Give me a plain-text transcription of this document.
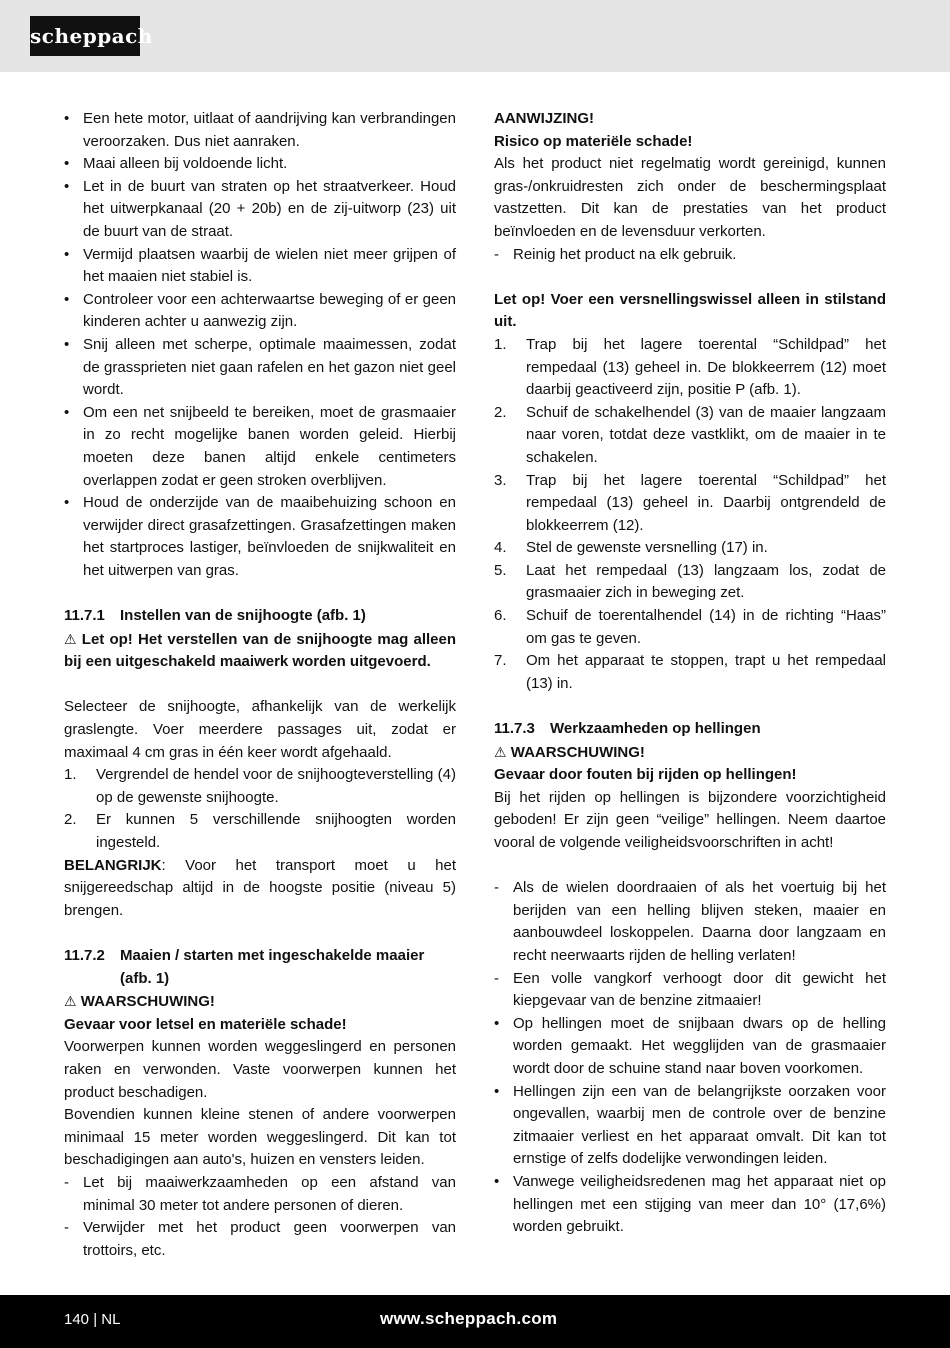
scheppach
• Een hete motor, uitlaat of aandrijving kan verbrandingen veroorzaken. Dus niet aanraken.
• Maai alleen bij voldoende licht.
• Let in de buurt van straten op het straatverkeer. Houd het uitwerpkanaal (20 + 20b) en de zij-uitworp (23) uit de buurt van de straat.
• Vermijd plaatsen waarbij de wielen niet meer grijpen of het maaien niet stabiel is.
• Controleer voor een achterwaartse beweging of er geen kinderen achter u aanwezig zijn.
• Snij alleen met scherpe, optimale maaimessen, zodat de grassprieten niet gaan rafelen en het gazon niet geel wordt.
• Om een net snijbeeld te bereiken, moet de grasmaaier in zo recht mogelijke banen worden geleid. Hierbij moeten deze banen altijd enkele centimeters overlappen zodat er geen stroken overblijven.
• Houd de onderzijde van de maaibehuizing schoon en verwijder direct grasafzettingen. Grasafzettingen maken het startproces lastiger, beïnvloeden de snijkwaliteit en het uitwerpen van gras.

11.7.1 Instellen van de snijhoogte (afb. 1)

⚠ Let op! Het verstellen van de snijhoogte mag alleen bij een uitgeschakeld maaiwerk worden uitgevoerd.

Selecteer de snijhoogte, afhankelijk van de werkelijk graslengte. Voer meerdere passages uit, zodat er maximaal 4 cm gras in één keer wordt afgehaald.

1. Vergrendel de hendel voor de snijhoogteverstelling (4) op de gewenste snijhoogte.
2. Er kunnen 5 verschillende snijhoogten worden ingesteld.

BELANGRIJK: Voor het transport moet u het snijgereedschap altijd in de hoogste positie (niveau 5) brengen.

11.7.2 Maaien / starten met ingeschakelde maaier (afb. 1)

⚠ WAARSCHUWING!

Gevaar voor letsel en materiële schade!

Voorwerpen kunnen worden weggeslingerd en personen raken en verwonden. Vaste voorwerpen kunnen het product beschadigen.

Bovendien kunnen kleine stenen of andere voorwerpen minimaal 15 meter worden weggeslingerd. Dit kan tot beschadigingen aan auto's, huizen en vensters leiden.

- Let bij maaiwerkzaamheden op een afstand van minimal 30 meter tot andere personen of dieren.
- Verwijder met het product geen voorwerpen van trottoirs, etc.

AANWIJZING!

Risico op materiële schade!

Als het product niet regelmatig wordt gereinigd, kunnen gras-/onkruidresten zich onder de beschermingsplaat vastzetten. Dit kan de prestaties van het product beïnvloeden en de levensduur verkorten.

- Reinig het product na elk gebruik.

Let op! Voer een versnellingswissel alleen in stilstand uit.

1. Trap bij het lagere toerental “Schildpad” het rempedaal (13) geheel in. De blokkeerrem (12) moet daarbij geactiveerd zijn, positie P (afb. 1).
2. Schuif de schakelhendel (3) van de maaier langzaam naar voren, totdat deze vastklikt, om de maaier in te schakelen.
3. Trap bij het lagere toerental “Schildpad” het rempedaal (13) geheel in. Daarbij ontgrendeld de blokkeerrem (12).
4. Stel de gewenste versnelling (17) in.
5. Laat het rempedaal (13) langzaam los, zodat de grasmaaier zich in beweging zet.
6. Schuif de toerentalhendel (14) in de richting “Haas” om gas te geven.
7. Om het apparaat te stoppen, trapt u het rempedaal (13) in.

11.7.3 Werkzaamheden op hellingen

⚠ WAARSCHUWING!

Gevaar door fouten bij rijden op hellingen!

Bij het rijden op hellingen is bijzondere voorzichtigheid geboden! Er zijn geen “veilige” hellingen. Neem daartoe vooral de volgende veiligheidsvoorschriften in acht!

- Als de wielen doordraaien of als het voertuig bij het berijden van een helling blijven steken, maaier en aanbouwdeel loskoppelen. Daarna door langzaam en recht neerwaarts rijden de helling verlaten!
- Een volle vangkorf verhoogt door dit gewicht het kiepgevaar van de benzine zitmaaier!
• Op hellingen moet de snijbaan dwars op de helling worden gemaakt. Het wegglijden van de grasmaaier wordt door de schuine stand naar boven voorkomen.
• Hellingen zijn een van de belangrijkste oorzaken voor ongevallen, waarbij men de controle over de benzine zitmaaier verliest en het apparaat omvalt. Dit kan tot ernstige of zelfs dodelijke verwondingen leiden.
• Vanwege veiligheidsredenen mag het apparaat niet op hellingen met een stijging van meer dan 10° (17,6%) worden gebruikt.
140 | NL	www.scheppach.com
